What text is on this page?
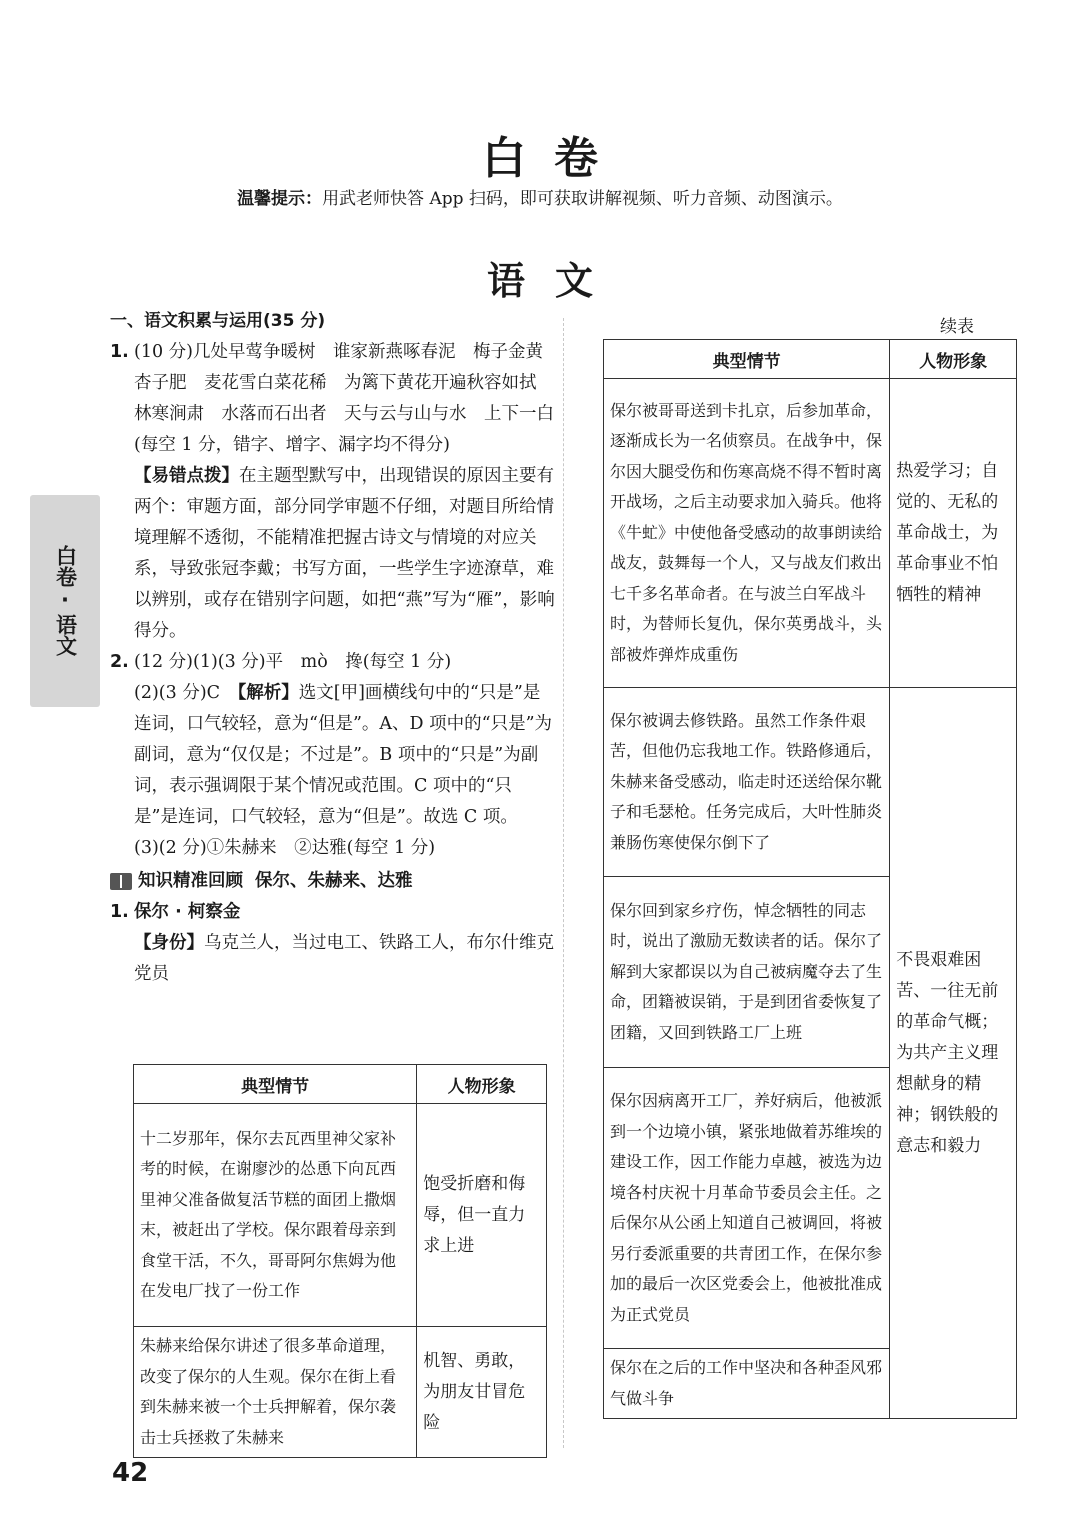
白卷
温馨提示：用武老师快答 App 扫码，即可获取讲解视频、听力音频、动图演示。
语文
白卷
·
语文
一、语文积累与运用(35 分)
1. (10 分)几处早莺争暖树　谁家新燕啄春泥　梅子金黄杏子肥　麦花雪白菜花稀　为篱下黄花开遍秋容如拭　林寒涧肃　水落而石出者　天与云与山与水　上下一白(每空 1 分，错字、增字、漏字均不得分)
【易错点拨】在主题型默写中，出现错误的原因主要有两个：审题方面，部分同学审题不仔细，对题目所给情境理解不透彻，不能精准把握古诗文与情境的对应关系，导致张冠李戴；书写方面，一些学生字迹潦草，难以辨别，或存在错别字问题，如把“燕”写为“雁”，影响得分。
2. (12 分)(1)(3 分)平　mò　搀(每空 1 分)
(2)(3 分)C　【解析】选文[甲]画横线句中的“只是”是连词，口气较轻，意为“但是”。A、D 项中的“只是”为副词，意为“仅仅是；不过是”。B 项中的“只是”为副词，表示强调限于某个情况或范围。C 项中的“只是”是连词，口气较轻，意为“但是”。故选 C 项。
(3)(2 分)①朱赫来　②达雅(每空 1 分)
知识精准回顾 保尔、朱赫来、达雅
1. 保尔 · 柯察金
【身份】乌克兰人，当过电工、铁路工人，布尔什维克党员
典型情节	人物形象
十二岁那年，保尔去瓦西里神父家补考的时候，在谢廖沙的怂恿下向瓦西里神父准备做复活节糕的面团上撒烟末，被赶出了学校。保尔跟着母亲到食堂干活，不久，哥哥阿尔焦姆为他在发电厂找了一份工作	饱受折磨和侮辱，但一直力求上进
朱赫来给保尔讲述了很多革命道理，改变了保尔的人生观。保尔在街上看到朱赫来被一个士兵押解着，保尔袭击士兵拯救了朱赫来	机智、勇敢，为朋友甘冒危险
续表
典型情节	人物形象
保尔被哥哥送到卡扎京，后参加革命，逐渐成长为一名侦察员。在战争中，保尔因大腿受伤和伤寒高烧不得不暂时离开战场，之后主动要求加入骑兵。他将《牛虻》中使他备受感动的故事朗读给战友，鼓舞每一个人，又与战友们救出七千多名革命者。在与波兰白军战斗时，为替师长复仇，保尔英勇战斗，头部被炸弹炸成重伤	热爱学习；自觉的、无私的革命战士，为革命事业不怕牺牲的精神
保尔被调去修铁路。虽然工作条件艰苦，但他仍忘我地工作。铁路修通后，朱赫来备受感动，临走时还送给保尔靴子和毛瑟枪。任务完成后，大叶性肺炎兼肠伤寒使保尔倒下了	不畏艰难困苦、一往无前的革命气概；为共产主义理想献身的精神；钢铁般的意志和毅力
保尔回到家乡疗伤，悼念牺牲的同志时，说出了激励无数读者的话。保尔了解到大家都误以为自己被病魔夺去了生命，团籍被误销，于是到团省委恢复了团籍，又回到铁路工厂上班	
保尔因病离开工厂，养好病后，他被派到一个边境小镇，紧张地做着苏维埃的建设工作，因工作能力卓越，被选为边境各村庆祝十月革命节委员会主任。之后保尔从公函上知道自己被调回，将被另行委派重要的共青团工作，在保尔参加的最后一次区党委会上，他被批准成为正式党员	
保尔在之后的工作中坚决和各种歪风邪气做斗争	
42
